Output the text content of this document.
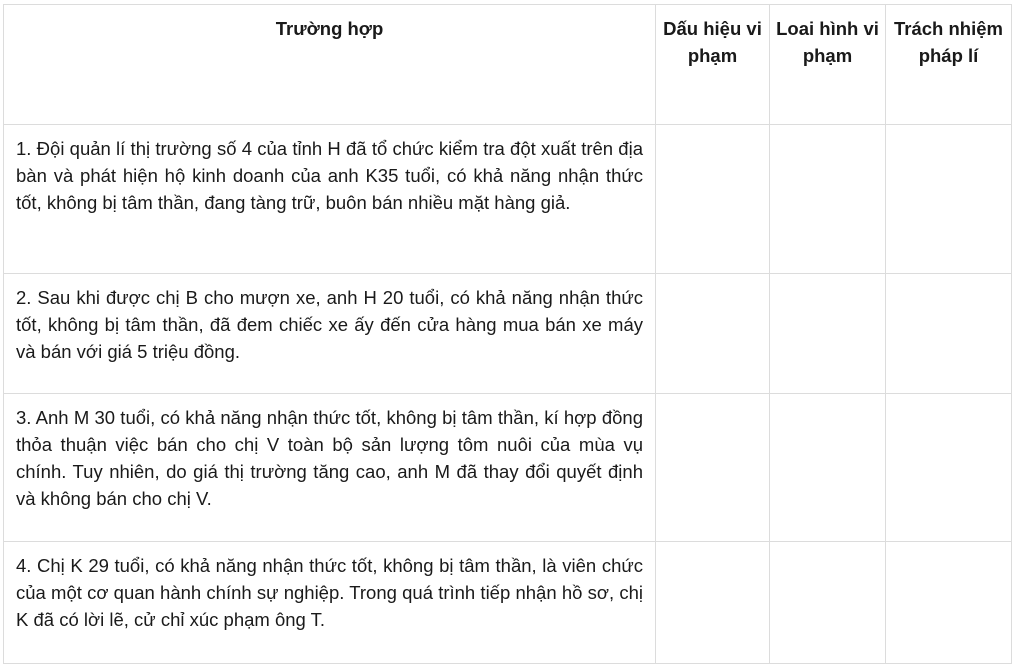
Trường hợp	Dấu hiệu vi phạm	Loai hình vi phạm	Trách nhiệm pháp lí

1. Đội quản lí thị trường số 4 của tỉnh H đã tổ chức kiểm tra đột xuất trên địa bàn và phát hiện hộ kinh doanh của anh K35 tuổi, có khả năng nhận thức tốt, không bị tâm thần, đang tàng trữ, buôn bán nhiều mặt hàng giả.			
2. Sau khi được chị B cho mượn xe, anh H 20 tuổi, có khả năng nhận thức tốt, không bị tâm thần, đã đem chiếc xe ấy đến cửa hàng mua bán xe máy và bán với giá 5 triệu đồng.			
3. Anh M 30 tuổi, có khả năng nhận thức tốt, không bị tâm thần, kí hợp đồng thỏa thuận việc bán cho chị V toàn bộ sản lượng tôm nuôi của mùa vụ chính. Tuy nhiên, do giá thị trường tăng cao, anh M đã thay đổi quyết định và không bán cho chị V.			
4. Chị K 29 tuổi, có khả năng nhận thức tốt, không bị tâm thần, là viên chức của một cơ quan hành chính sự nghiệp. Trong quá trình tiếp nhận hồ sơ, chị K đã có lời lẽ, cử chỉ xúc phạm ông T.			
